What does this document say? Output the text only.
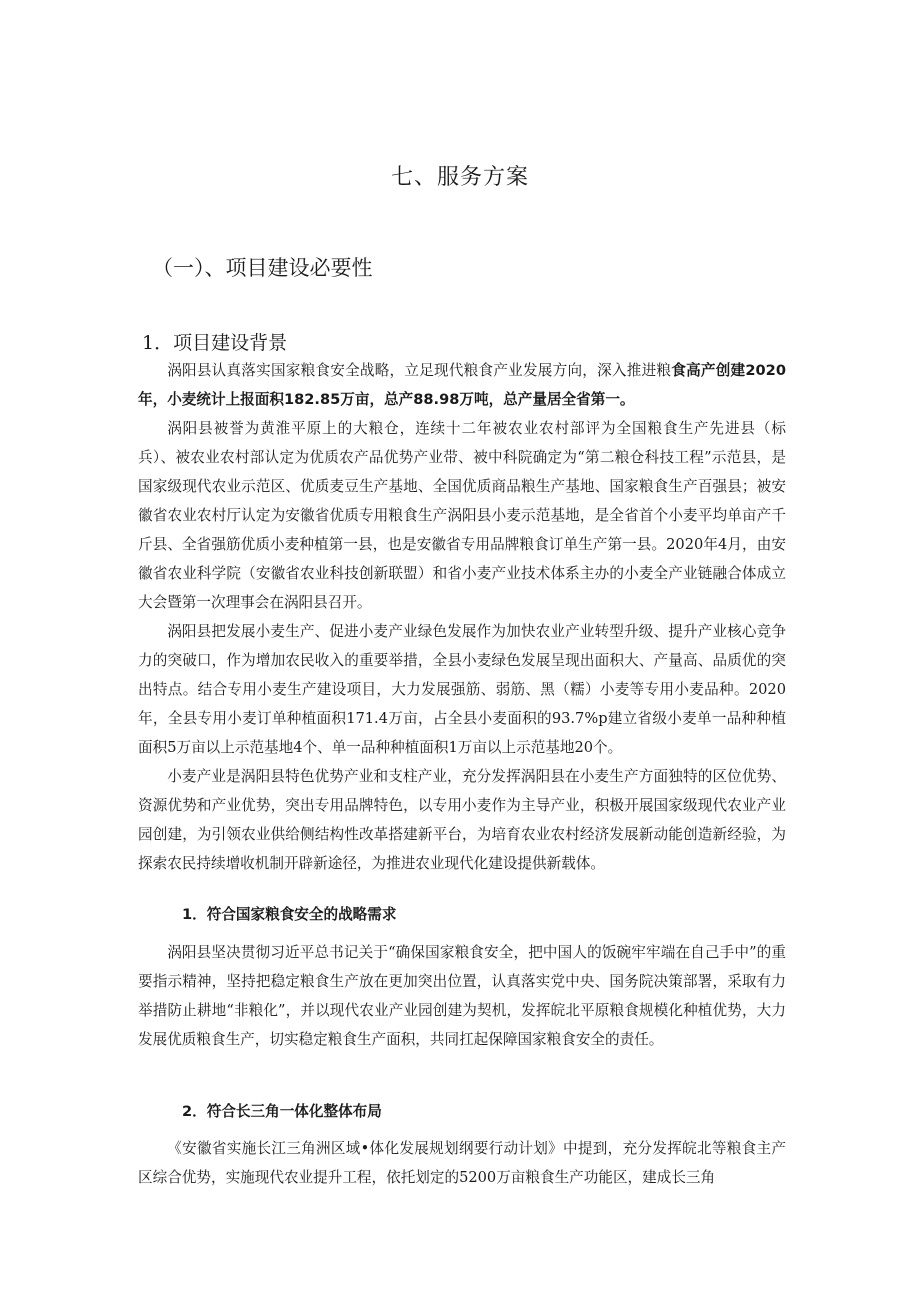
七、服务方案
（一）、项目建设必要性
1．项目建设背景

涡阳县认真落实国家粮食安全战略，立足现代粮食产业发展方向，深入推进粮食高产创建2020年，小麦统计上报面积182.85万亩，总产88.98万吨，总产量居全省第一。

涡阳县被誉为黄淮平原上的大粮仓，连续十二年被农业农村部评为全国粮食生产先进县（标兵）、被农业农村部认定为优质农产品优势产业带、被中科院确定为“第二粮仓科技工程”示范县，是国家级现代农业示范区、优质麦豆生产基地、全国优质商品粮生产基地、国家粮食生产百强县；被安徽省农业农村厅认定为安徽省优质专用粮食生产涡阳县小麦示范基地，是全省首个小麦平均单亩产千斤县、全省强筋优质小麦种植第一县，也是安徽省专用品牌粮食订单生产第一县。2020年4月，由安徽省农业科学院（安徽省农业科技创新联盟）和省小麦产业技术体系主办的小麦全产业链融合体成立大会暨第一次理事会在涡阳县召开。

涡阳县把发展小麦生产、促进小麦产业绿色发展作为加快农业产业转型升级、提升产业核心竞争力的突破口，作为增加农民收入的重要举措，全县小麦绿色发展呈现出面积大、产量高、品质优的突出特点。结合专用小麦生产建设项目，大力发展强筋、弱筋、黑（糯）小麦等专用小麦品种。2020年，全县专用小麦订单种植面积171.4万亩，占全县小麦面积的93.7%p建立省级小麦单一品种种植面积5万亩以上示范基地4个、单一品种种植面积1万亩以上示范基地20个。

小麦产业是涡阳县特色优势产业和支柱产业，充分发挥涡阳县在小麦生产方面独特的区位优势、资源优势和产业优势，突出专用品牌特色，以专用小麦作为主导产业，积极开展国家级现代农业产业园创建，为引领农业供给侧结构性改革搭建新平台，为培育农业农村经济发展新动能创造新经验，为探索农民持续增收机制开辟新途径，为推进农业现代化建设提供新载体。

1．符合国家粮食安全的战略需求

涡阳县坚决贯彻习近平总书记关于“确保国家粮食安全，把中国人的饭碗牢牢端在自己手中”的重要指示精神，坚持把稳定粮食生产放在更加突出位置，认真落实党中央、国务院决策部署，采取有力举措防止耕地“非粮化”，并以现代农业产业园创建为契机，发挥皖北平原粮食规模化种植优势，大力发展优质粮食生产，切实稳定粮食生产面积，共同扛起保障国家粮食安全的责任。

2．符合长三角一体化整体布局

《安徽省实施长江三角洲区域•体化发展规划纲要行动计划》中提到，充分发挥皖北等粮食主产区综合优势，实施现代农业提升工程，依托划定的5200万亩粮食生产功能区，建成长三角
